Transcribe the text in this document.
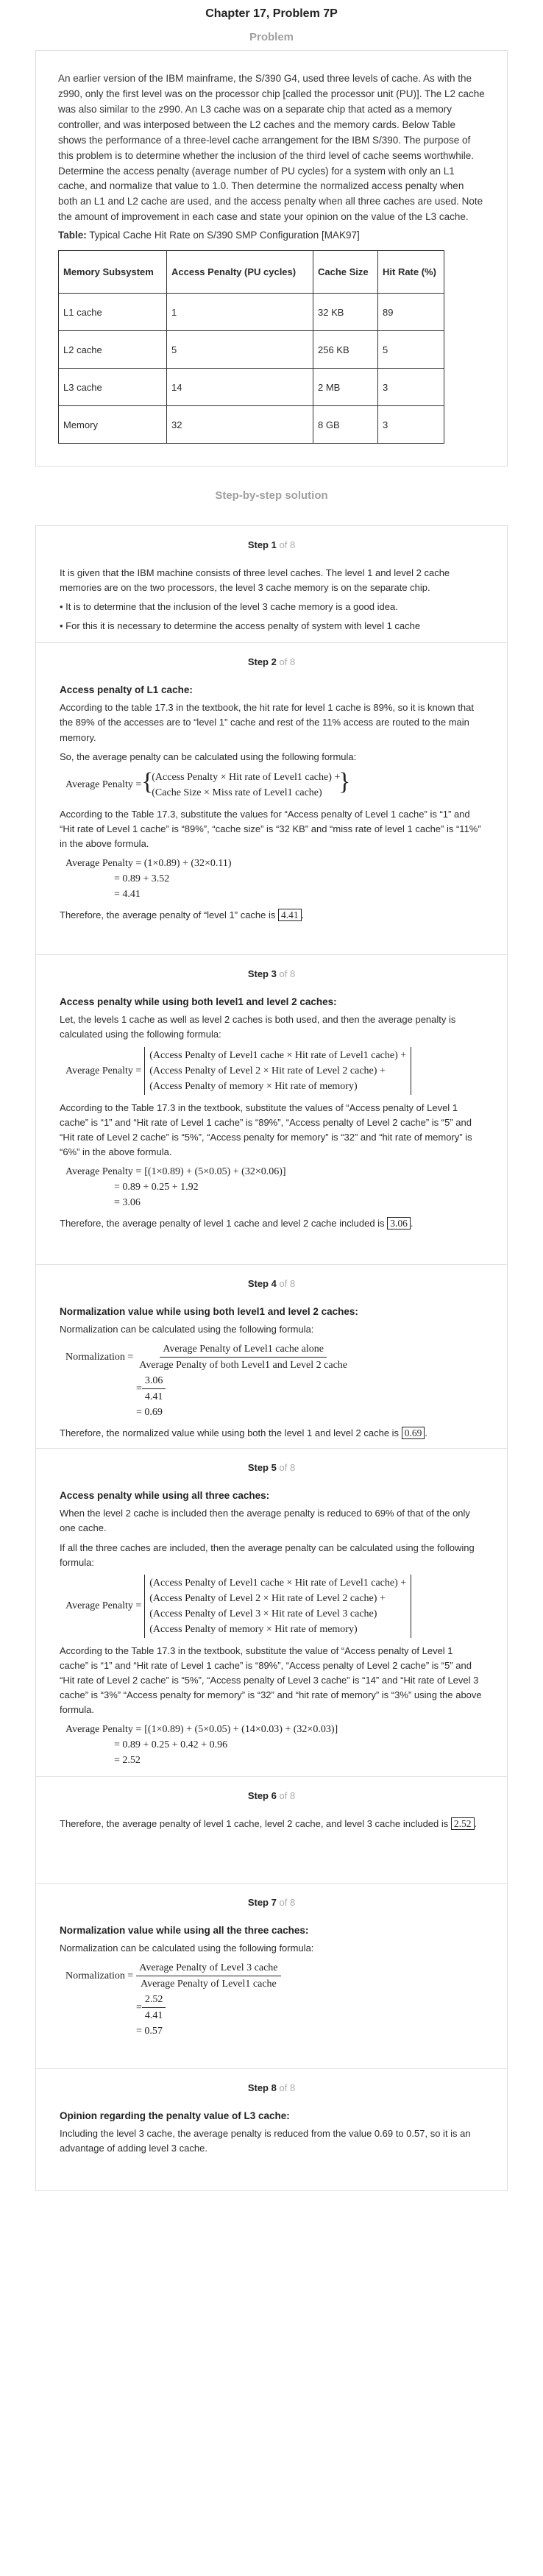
Chapter 17, Problem 7P
Problem

An earlier version of the IBM mainframe, the S/390 G4, used three levels of cache. As with the z990, only the first level was on the processor chip [called the processor unit (PU)]. The L2 cache was also similar to the z990. An L3 cache was on a separate chip that acted as a memory controller, and was interposed between the L2 caches and the memory cards. Below Table shows the performance of a three-level cache arrangement for the IBM S/390. The purpose of this problem is to determine whether the inclusion of the third level of cache seems worthwhile. Determine the access penalty (average number of PU cycles) for a system with only an L1 cache, and normalize that value to 1.0. Then determine the normalized access penalty when both an L1 and L2 cache are used, and the access penalty when all three caches are used. Note the amount of improvement in each case and state your opinion on the value of the L3 cache.

Table: Typical Cache Hit Rate on S/390 SMP Configuration [MAK97]

Memory Subsystem	Access Penalty (PU cycles)	Cache Size	Hit Rate (%)
L1 cache	1	32 KB	89
L2 cache	5	256 KB	5
L3 cache	14	2 MB	3
Memory	32	8 GB	3
Step-by-step solution
Step 1 of 8

It is given that the IBM machine consists of three level caches. The level 1 and level 2 cache memories are on the two processors, the level 3 cache memory is on the separate chip.

• It is to determine that the inclusion of the level 3 cache memory is a good idea.
• For this it is necessary to determine the access penalty of system with level 1 cache
Step 2 of 8
Access penalty of L1 cache:

According to the table 17.3 in the textbook, the hit rate for level 1 cache is 89%, so it is known that the 89% of the accesses are to “level 1” cache and rest of the 11% access are routed to the main memory.

So, the average penalty can be calculated using the following formula:

Average Penalty =
{ (Access Penalty × Hit rate of Level1 cache) +
(Cache Size × Miss rate of Level1 cache)
}

According to the Table 17.3, substitute the values for “Access penalty of Level 1 cache” is “1” and “Hit rate of Level 1 cache” is “89%”, “cache size” is “32 KB” and “miss rate of level 1 cache” is “11%” in the above formula.

Average Penalty = (1×0.89) + (32×0.11)
= 0.89 + 3.52
= 4.41

Therefore, the average penalty of “level 1” cache is 4.41 .

Step 3 of 8
Access penalty while using both level1 and level 2 caches:

Let, the levels 1 cache as well as level 2 caches is both used, and then the average penalty is calculated using the following formula:

Average Penalty =
(Access Penalty of Level1 cache × Hit rate of Level1 cache) +
(Access Penalty of Level 2 × Hit rate of Level 2 cache) +
(Access Penalty of memory × Hit rate of memory)

According to the Table 17.3 in the textbook, substitute the values of “Access penalty of Level 1 cache” is “1” and “Hit rate of Level 1 cache” is “89%”, “Access penalty of Level 2 cache” is “5” and “Hit rate of Level 2 cache” is “5%”, “Access penalty for memory” is “32” and “hit rate of memory” is “6%” in the above formula.

Average Penalty = [(1×0.89) + (5×0.05) + (32×0.06)]
= 0.89 + 0.25 + 1.92
= 3.06

Therefore, the average penalty of level 1 cache and level 2 cache included is 3.06 .

Step 4 of 8
Normalization value while using both level1 and level 2 caches:

Normalization can be calculated using the following formula:

Normalization = $\frac{\text{Average Penalty of Level1 cache alone}}{\text{Average Penalty of both Level1 and Level 2 cache}}$
= $\frac{3.06}{4.41}$
= 0.69

Therefore, the normalized value while using both the level 1 and level 2 cache is 0.69 .

Step 5 of 8
Access penalty while using all three caches:

When the level 2 cache is included then the average penalty is reduced to 69% of that of the only one cache.

If all the three caches are included, then the average penalty can be calculated using the following formula:

Average Penalty =
(Access Penalty of Level1 cache × Hit rate of Level1 cache) +
(Access Penalty of Level 2 × Hit rate of Level 2 cache) +
(Access Penalty of Level 3 × Hit rate of Level 3 cache)
(Access Penalty of memory × Hit rate of memory)

According to the Table 17.3 in the textbook, substitute the value of “Access penalty of Level 1 cache” is “1” and “Hit rate of Level 1 cache” is “89%”, “Access penalty of Level 2 cache” is “5” and “Hit rate of Level 2 cache” is “5%”, “Access penalty of Level 3 cache” is “14” and “Hit rate of Level 3 cache” is “3%” “Access penalty for memory” is “32” and “hit rate of memory” is “3%” using the above formula.

Average Penalty = [(1×0.89) + (5×0.05) + (14×0.03) + (32×0.03)]
= 0.89 + 0.25 + 0.42 + 0.96
= 2.52
Step 6 of 8

Therefore, the average penalty of level 1 cache, level 2 cache, and level 3 cache included is 2.52 .

Step 7 of 8
Normalization value while using all the three caches:

Normalization can be calculated using the following formula:

Normalization = $\frac{\text{Average Penalty of Level 3 cache}}{\text{Average Penalty of Level1 cache}}$
= $\frac{2.52}{4.41}$
= 0.57
Step 8 of 8
Opinion regarding the penalty value of L3 cache:

Including the level 3 cache, the average penalty is reduced from the value 0.69 to 0.57, so it is an advantage of adding level 3 cache.
